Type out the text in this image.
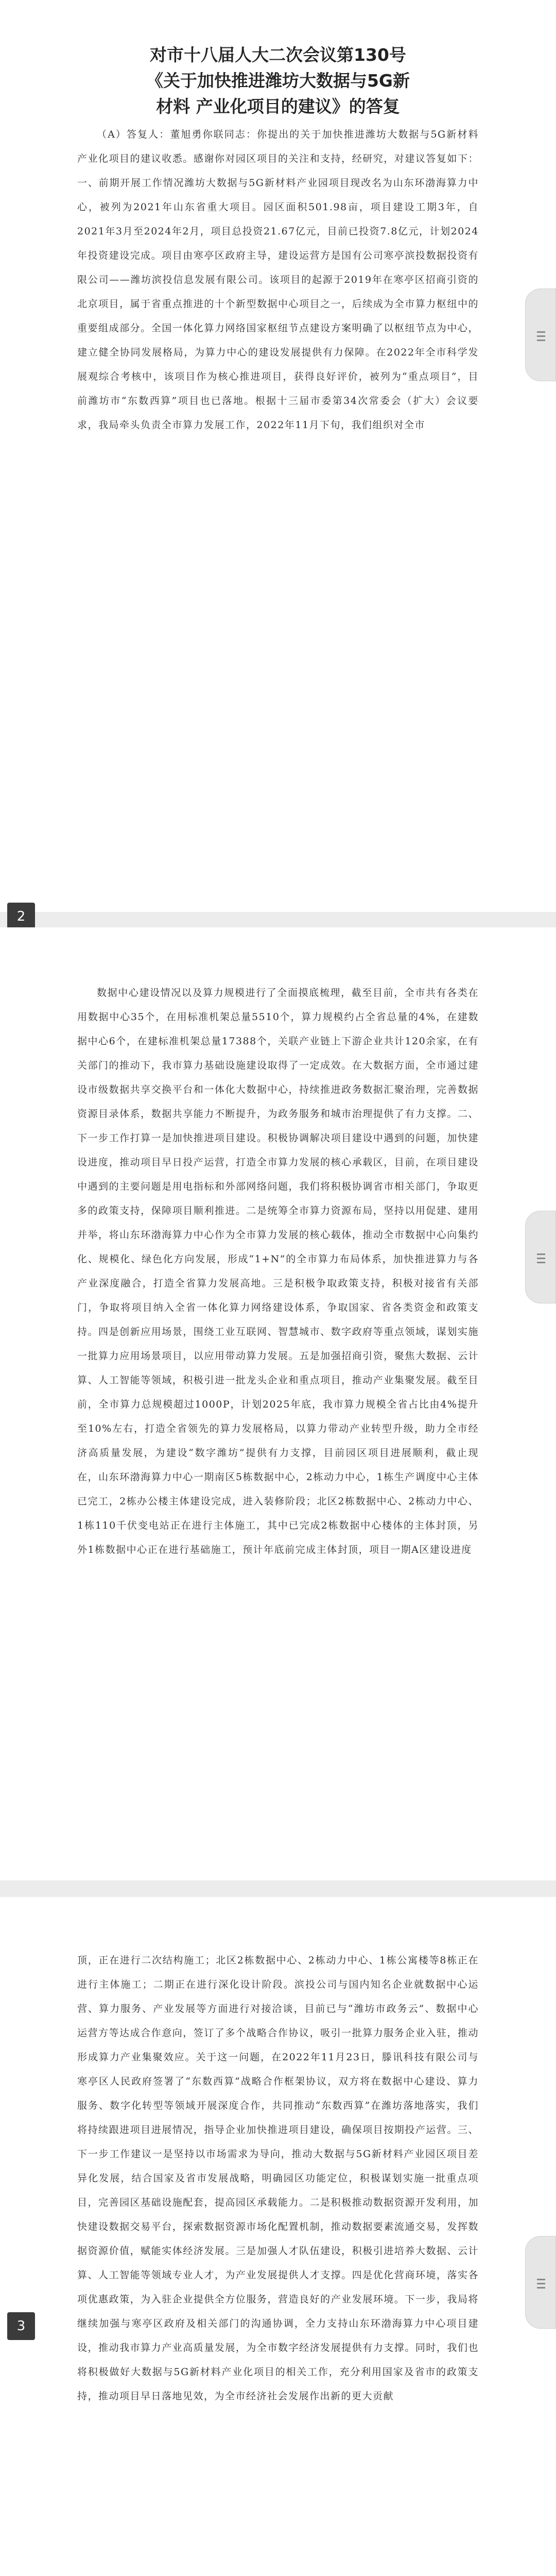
对市十八届人大二次会议第130号
《关于加快推进潍坊大数据与5G新
材料 产业化项目的建议》的答复

（A）答复人：董旭勇你联同志：你提出的关于加快推进潍坊大数据与5G新材料产业化项目的建议收悉。感谢你对园区项目的关注和支持，经研究，对建议答复如下：一、前期开展工作情况潍坊大数据与5G新材料产业园项目现改名为山东环渤海算力中心，被列为2021年山东省重大项目。园区面积501.98亩，项目建设工期3年，自2021年3月至2024年2月，项目总投资21.67亿元，目前已投资7.8亿元，计划2024年投资建设完成。项目由寒亭区政府主导，建设运营方是国有公司寒亭滨投数据投资有限公司——潍坊滨投信息发展有限公司。该项目的起源于2019年在寒亭区招商引资的北京项目，属于省重点推进的十个新型数据中心项目之一，后续成为全市算力枢纽中的重要组成部分。全国一体化算力网络国家枢纽节点建设方案明确了以枢纽节点为中心，建立健全协同发展格局，为算力中心的建设发展提供有力保障。在2022年全市科学发展观综合考核中，该项目作为核心推进项目，获得良好评价，被列为“重点项目”，目前潍坊市“东数西算”项目也已落地。根据十三届市委第34次常委会（扩大）会议要求，我局牵头负责全市算力发展工作，2022年11月下旬，我们组织对全市

2

数据中心建设情况以及算力规模进行了全面摸底梳理，截至目前，全市共有各类在用数据中心35个，在用标准机架总量5510个，算力规模约占全省总量的4%，在建数据中心6个，在建标准机架总量17388个，关联产业链上下游企业共计120余家，在有关部门的推动下，我市算力基础设施建设取得了一定成效。在大数据方面，全市通过建设市级数据共享交换平台和一体化大数据中心，持续推进政务数据汇聚治理，完善数据资源目录体系，数据共享能力不断提升，为政务服务和城市治理提供了有力支撑。二、下一步工作打算一是加快推进项目建设。积极协调解决项目建设中遇到的问题，加快建设进度，推动项目早日投产运营，打造全市算力发展的核心承载区，目前，在项目建设中遇到的主要问题是用电指标和外部网络问题，我们将积极协调省市相关部门，争取更多的政策支持，保障项目顺利推进。二是统筹全市算力资源布局，坚持以用促建、建用并举，将山东环渤海算力中心作为全市算力发展的核心载体，推动全市数据中心向集约化、规模化、绿色化方向发展，形成“1+N”的全市算力布局体系，加快推进算力与各产业深度融合，打造全省算力发展高地。三是积极争取政策支持，积极对接省有关部门，争取将项目纳入全省一体化算力网络建设体系，争取国家、省各类资金和政策支持。四是创新应用场景，围绕工业互联网、智慧城市、数字政府等重点领域，谋划实施一批算力应用场景项目，以应用带动算力发展。五是加强招商引资，聚焦大数据、云计算、人工智能等领域，积极引进一批龙头企业和重点项目，推动产业集聚发展。截至目前，全市算力总规模超过1000P，计划2025年底，我市算力规模全省占比由4%提升至10%左右，打造全省领先的算力发展格局，以算力带动产业转型升级，助力全市经济高质量发展，为建设“数字潍坊”提供有力支撑，目前园区项目进展顺利，截止现在，山东环渤海算力中心一期南区5栋数据中心，2栋动力中心，1栋生产调度中心主体已完工，2栋办公楼主体建设完成，进入装修阶段；北区2栋数据中心、2栋动力中心、1栋110千伏变电站正在进行主体施工，其中已完成2栋数据中心楼体的主体封顶，另外1栋数据中心正在进行基础施工，预计年底前完成主体封顶，项目一期A区建设进度

顶，正在进行二次结构施工；北区2栋数据中心、2栋动力中心、1栋公寓楼等8栋正在进行主体施工；二期正在进行深化设计阶段。滨投公司与国内知名企业就数据中心运营、算力服务、产业发展等方面进行对接洽谈，目前已与“潍坊市政务云”、数据中心运营方等达成合作意向，签订了多个战略合作协议，吸引一批算力服务企业入驻，推动形成算力产业集聚效应。关于这一问题，在2022年11月23日，滕讯科技有限公司与寒亭区人民政府签署了“东数西算”战略合作框架协议，双方将在数据中心建设、算力服务、数字化转型等领域开展深度合作，共同推动“东数西算”在潍坊落地落实，我们将持续跟进项目进展情况，指导企业加快推进项目建设，确保项目按期投产运营。三、下一步工作建议一是坚持以市场需求为导向，推动大数据与5G新材料产业园区项目差异化发展，结合国家及省市发展战略，明确园区功能定位，积极谋划实施一批重点项目，完善园区基础设施配套，提高园区承载能力。二是积极推动数据资源开发利用，加快建设数据交易平台，探索数据资源市场化配置机制，推动数据要素流通交易，发挥数据资源价值，赋能实体经济发展。三是加强人才队伍建设，积极引进培养大数据、云计算、人工智能等领域专业人才，为产业发展提供人才支撑。四是优化营商环境，落实各项优惠政策，为入驻企业提供全方位服务，营造良好的产业发展环境。下一步，我局将继续加强与寒亭区政府及相关部门的沟通协调，全力支持山东环渤海算力中心项目建设，推动我市算力产业高质量发展，为全市数字经济发展提供有力支撑。同时，我们也将积极做好大数据与5G新材料产业化项目的相关工作，充分利用国家及省市的政策支持，推动项目早日落地见效，为全市经济社会发展作出新的更大贡献

3
